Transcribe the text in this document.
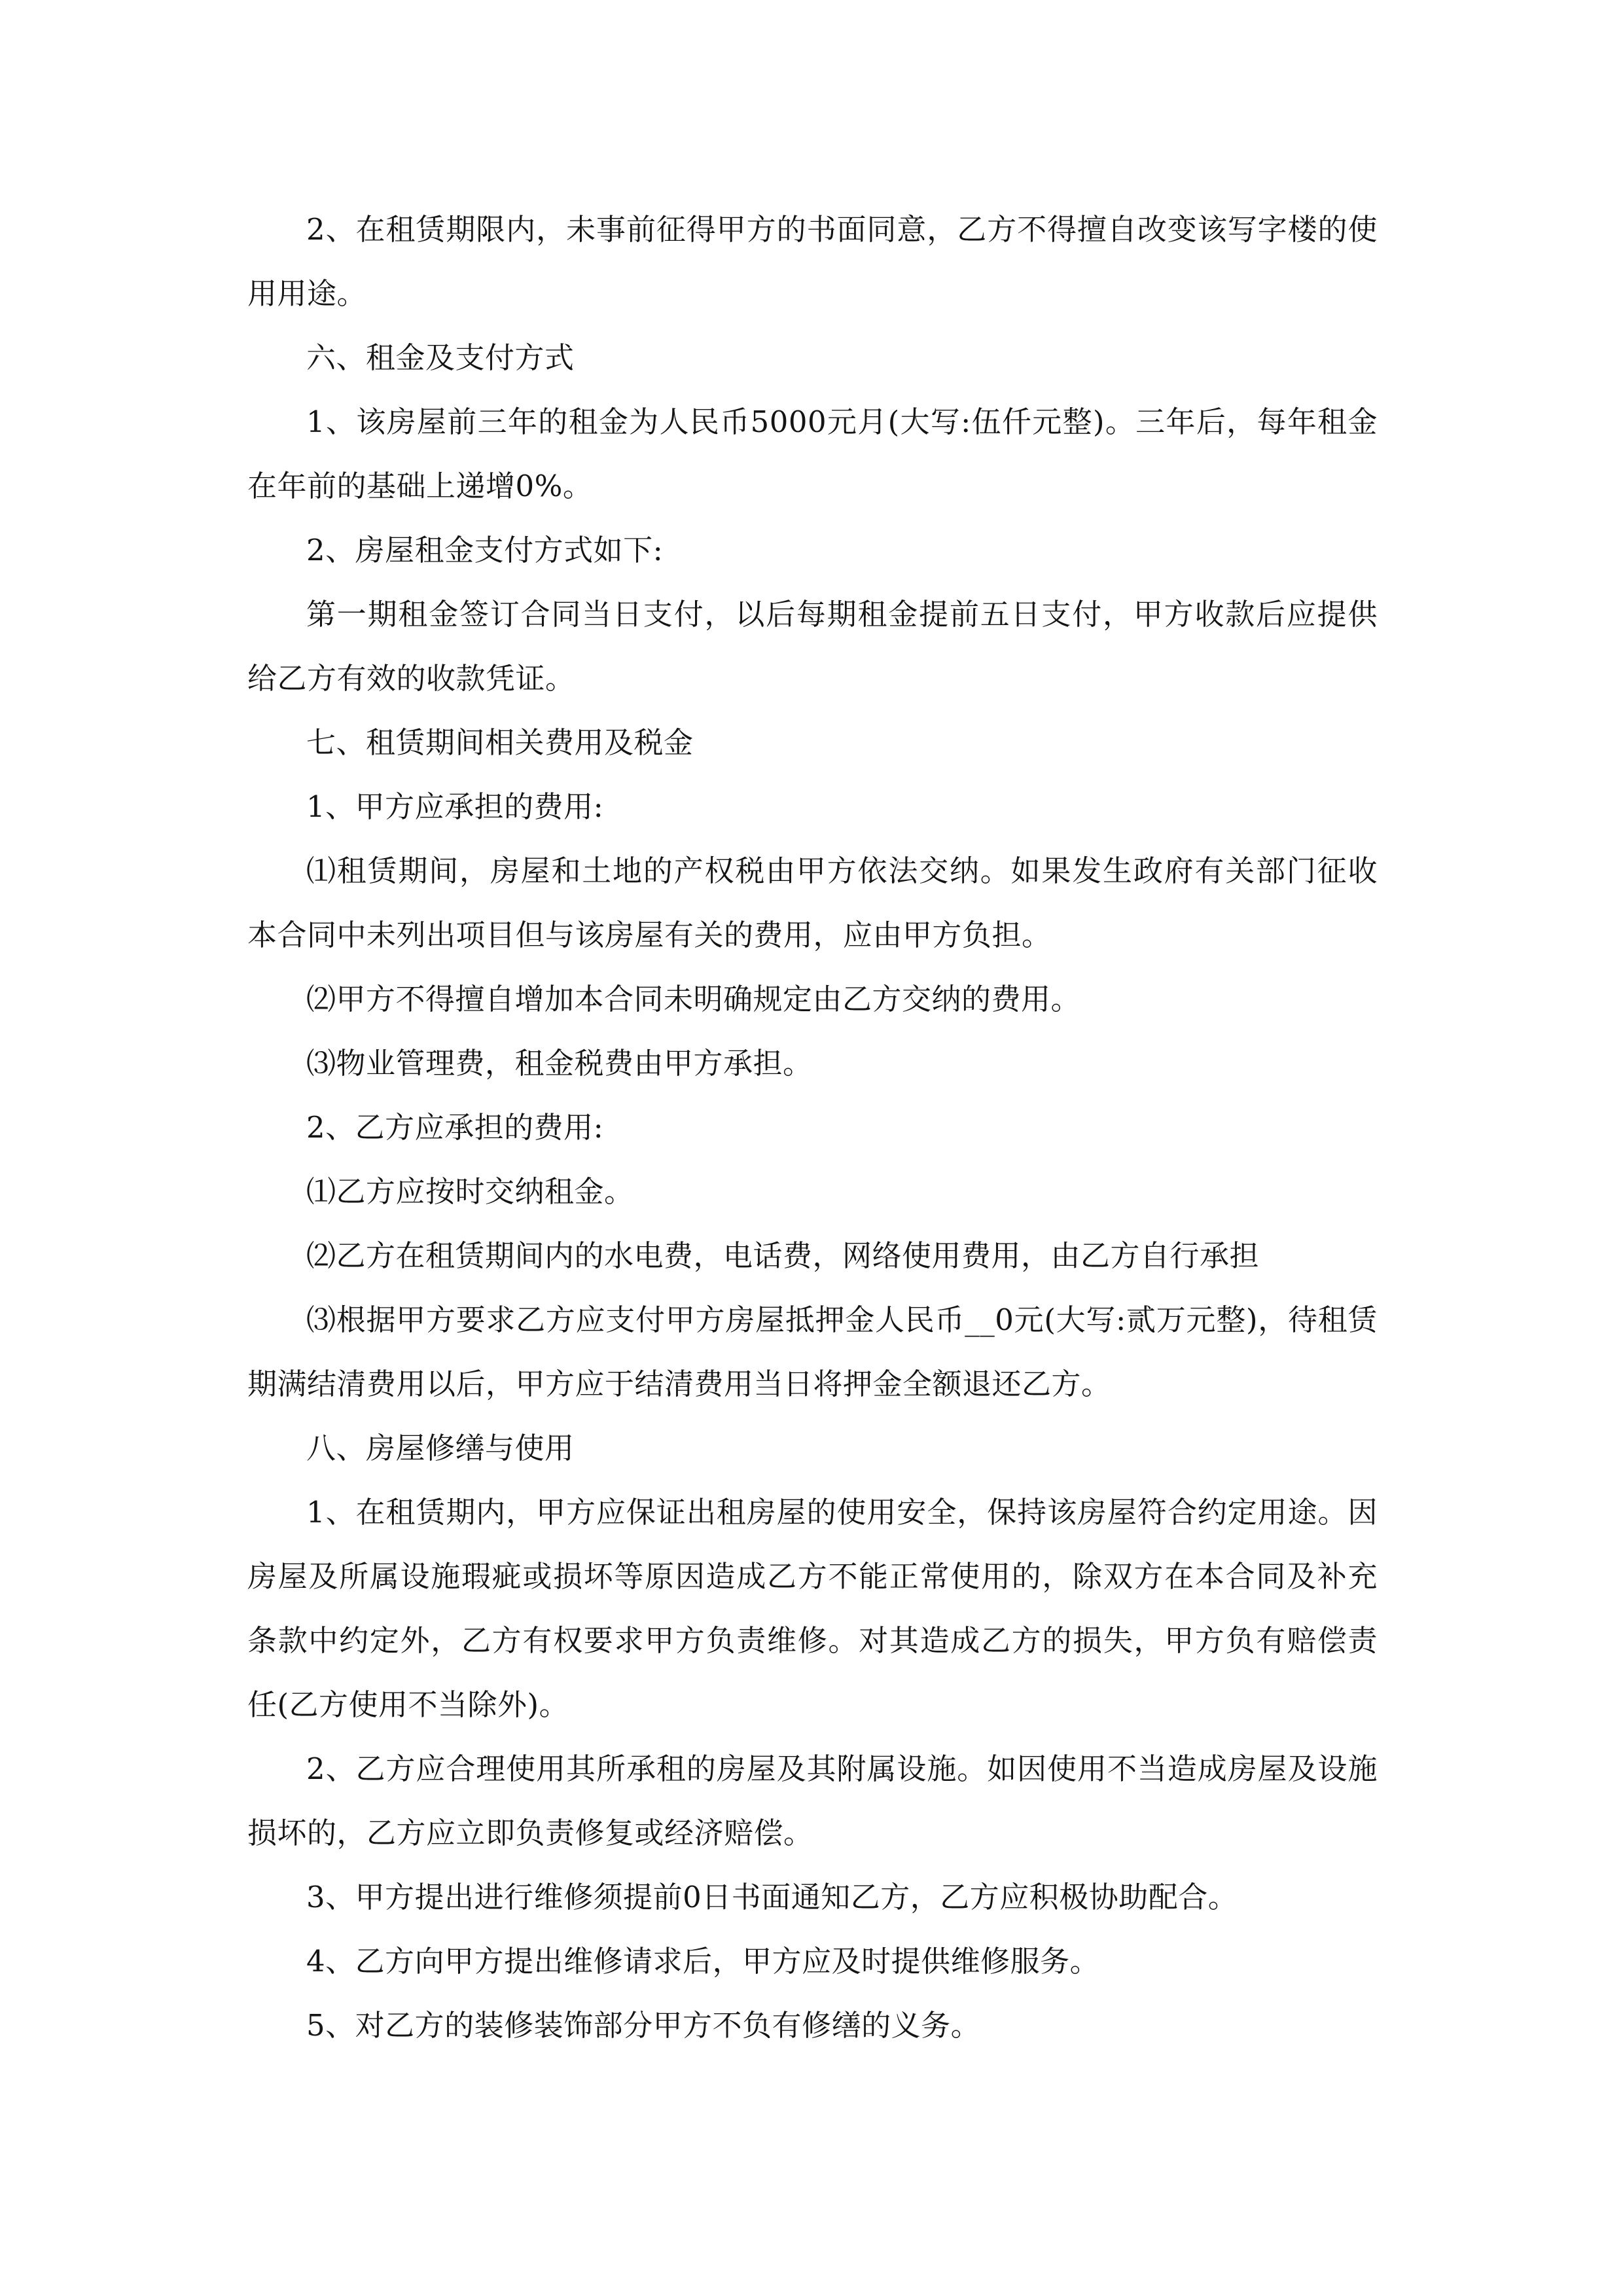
2、在租赁期限内，未事前征得甲方的书面同意，乙方不得擅自改变该写字楼的使用用途。

六、租金及支付方式

1、该房屋前三年的租金为人民币5000元月(大写:伍仟元整)。三年后，每年租金在年前的基础上递增0%。

2、房屋租金支付方式如下:

第一期租金签订合同当日支付，以后每期租金提前五日支付，甲方收款后应提供给乙方有效的收款凭证。

七、租赁期间相关费用及税金

1、甲方应承担的费用:

⑴租赁期间，房屋和土地的产权税由甲方依法交纳。如果发生政府有关部门征收本合同中未列出项目但与该房屋有关的费用，应由甲方负担。

⑵甲方不得擅自增加本合同未明确规定由乙方交纳的费用。

⑶物业管理费，租金税费由甲方承担。

2、乙方应承担的费用:

⑴乙方应按时交纳租金。

⑵乙方在租赁期间内的水电费，电话费，网络使用费用，由乙方自行承担

⑶根据甲方要求乙方应支付甲方房屋抵押金人民币__0元(大写:贰万元整)，待租赁期满结清费用以后，甲方应于结清费用当日将押金全额退还乙方。

八、房屋修缮与使用

1、在租赁期内，甲方应保证出租房屋的使用安全，保持该房屋符合约定用途。因房屋及所属设施瑕疵或损坏等原因造成乙方不能正常使用的，除双方在本合同及补充条款中约定外，乙方有权要求甲方负责维修。对其造成乙方的损失，甲方负有赔偿责任(乙方使用不当除外)。

2、乙方应合理使用其所承租的房屋及其附属设施。如因使用不当造成房屋及设施损坏的，乙方应立即负责修复或经济赔偿。

3、甲方提出进行维修须提前0日书面通知乙方，乙方应积极协助配合。

4、乙方向甲方提出维修请求后，甲方应及时提供维修服务。

5、对乙方的装修装饰部分甲方不负有修缮的义务。
